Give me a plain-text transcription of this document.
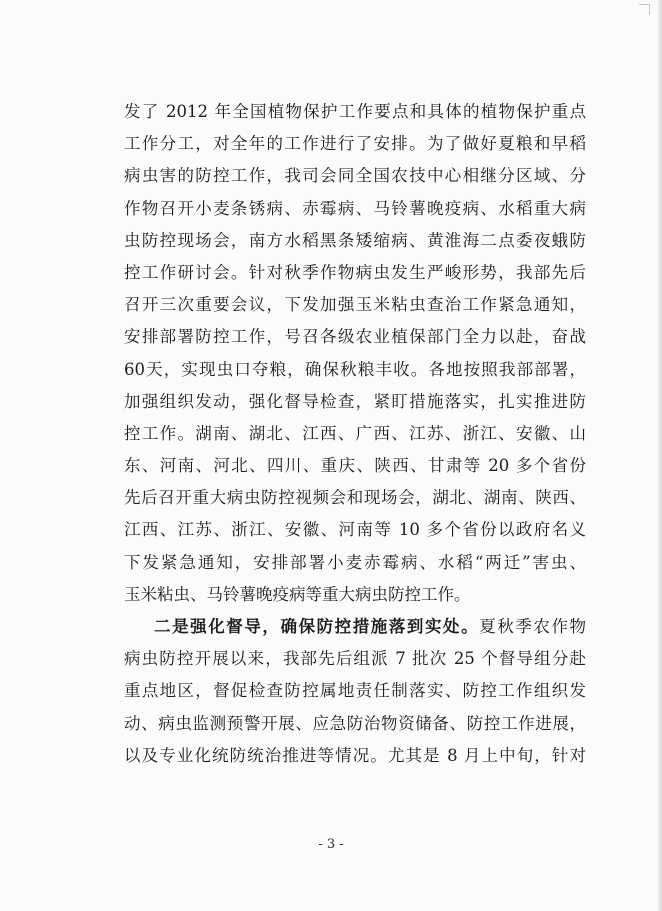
发了 2012 年全国植物保护工作要点和具体的植物保护重点
工作分工，对全年的工作进行了安排。为了做好夏粮和早稻
病虫害的防控工作，我司会同全国农技中心相继分区域、分
作物召开小麦条锈病、赤霉病、马铃薯晚疫病、水稻重大病
虫防控现场会，南方水稻黑条矮缩病、黄淮海二点委夜蛾防
控工作研讨会。针对秋季作物病虫发生严峻形势，我部先后
召开三次重要会议，下发加强玉米粘虫查治工作紧急通知，
安排部署防控工作，号召各级农业植保部门全力以赴，奋战
60天，实现虫口夺粮，确保秋粮丰收。各地按照我部部署，
加强组织发动，强化督导检查，紧盯措施落实，扎实推进防
控工作。湖南、湖北、江西、广西、江苏、浙江、安徽、山
东、河南、河北、四川、重庆、陕西、甘肃等 20 多个省份
先后召开重大病虫防控视频会和现场会，湖北、湖南、陕西、
江西、江苏、浙江、安徽、河南等 10 多个省份以政府名义
下发紧急通知，安排部署小麦赤霉病、水稻“两迁”害虫、
玉米粘虫、马铃薯晚疫病等重大病虫防控工作。
二是强化督导，确保防控措施落到实处。夏秋季农作物
病虫防控开展以来，我部先后组派 7 批次 25 个督导组分赴
重点地区，督促检查防控属地责任制落实、防控工作组织发
动、病虫监测预警开展、应急防治物资储备、防控工作进展，
以及专业化统防统治推进等情况。尤其是 8 月上中旬，针对
- 3 -
